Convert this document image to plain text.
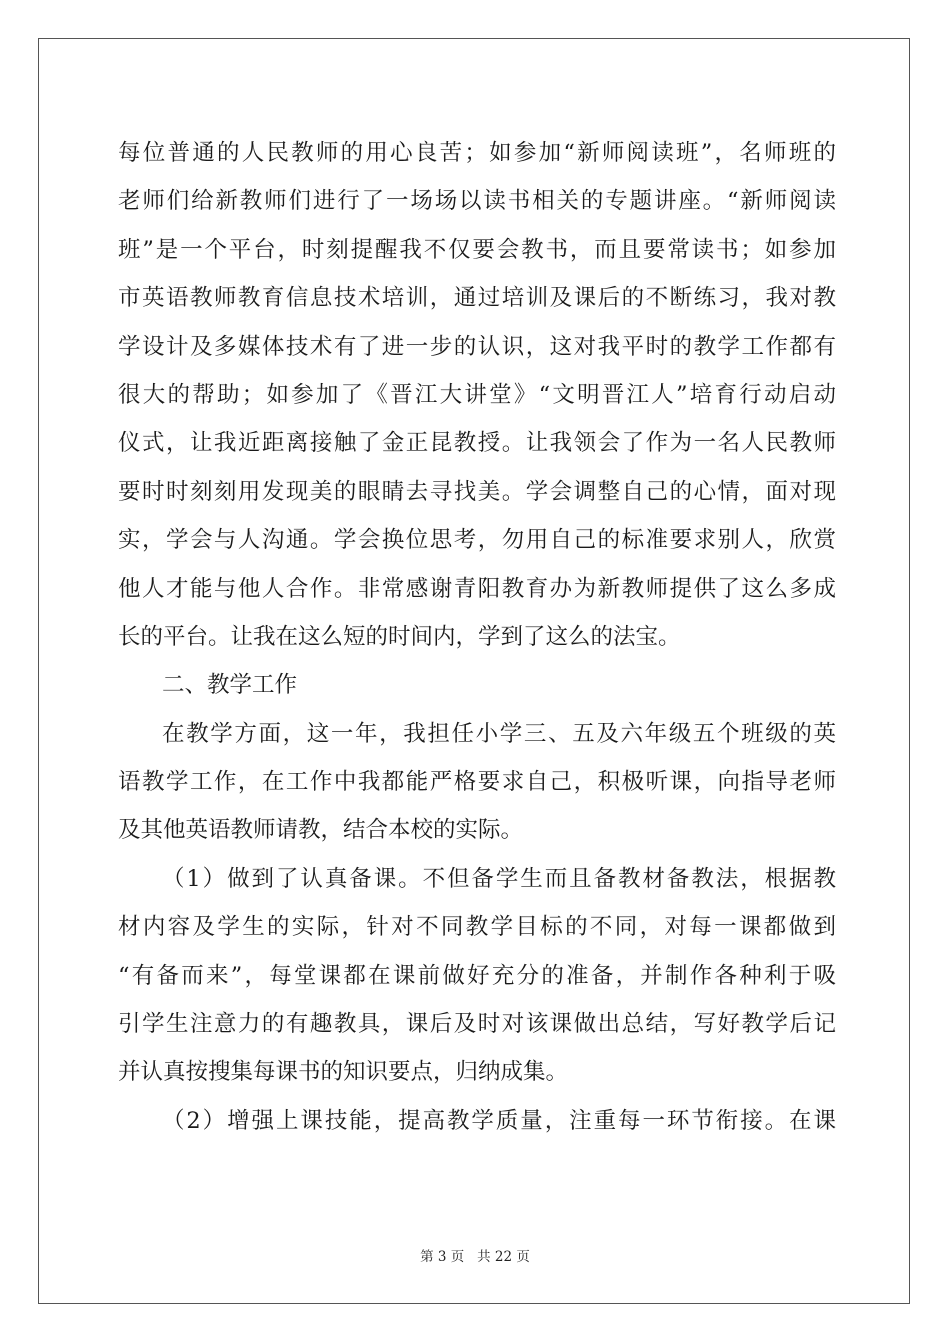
每位普通的人民教师的用心良苦；如参加“新师阅读班”，名师班的
老师们给新教师们进行了一场场以读书相关的专题讲座。“新师阅读
班”是一个平台，时刻提醒我不仅要会教书，而且要常读书；如参加
市英语教师教育信息技术培训，通过培训及课后的不断练习，我对教
学设计及多媒体技术有了进一步的认识，这对我平时的教学工作都有
很大的帮助；如参加了《晋江大讲堂》“文明晋江人”培育行动启动
仪式，让我近距离接触了金正昆教授。让我领会了作为一名人民教师
要时时刻刻用发现美的眼睛去寻找美。学会调整自己的心情，面对现
实，学会与人沟通。学会换位思考，勿用自己的标准要求别人，欣赏
他人才能与他人合作。非常感谢青阳教育办为新教师提供了这么多成
长的平台。让我在这么短的时间内，学到了这么的法宝。
二、教学工作
在教学方面，这一年，我担任小学三、五及六年级五个班级的英
语教学工作，在工作中我都能严格要求自己，积极听课，向指导老师
及其他英语教师请教，结合本校的实际。
（1）做到了认真备课。不但备学生而且备教材备教法，根据教
材内容及学生的实际，针对不同教学目标的不同，对每一课都做到
“有备而来”，每堂课都在课前做好充分的准备，并制作各种利于吸
引学生注意力的有趣教具，课后及时对该课做出总结，写好教学后记
并认真按搜集每课书的知识要点，归纳成集。
（2）增强上课技能，提高教学质量，注重每一环节衔接。在课
第 3 页 共 22 页
